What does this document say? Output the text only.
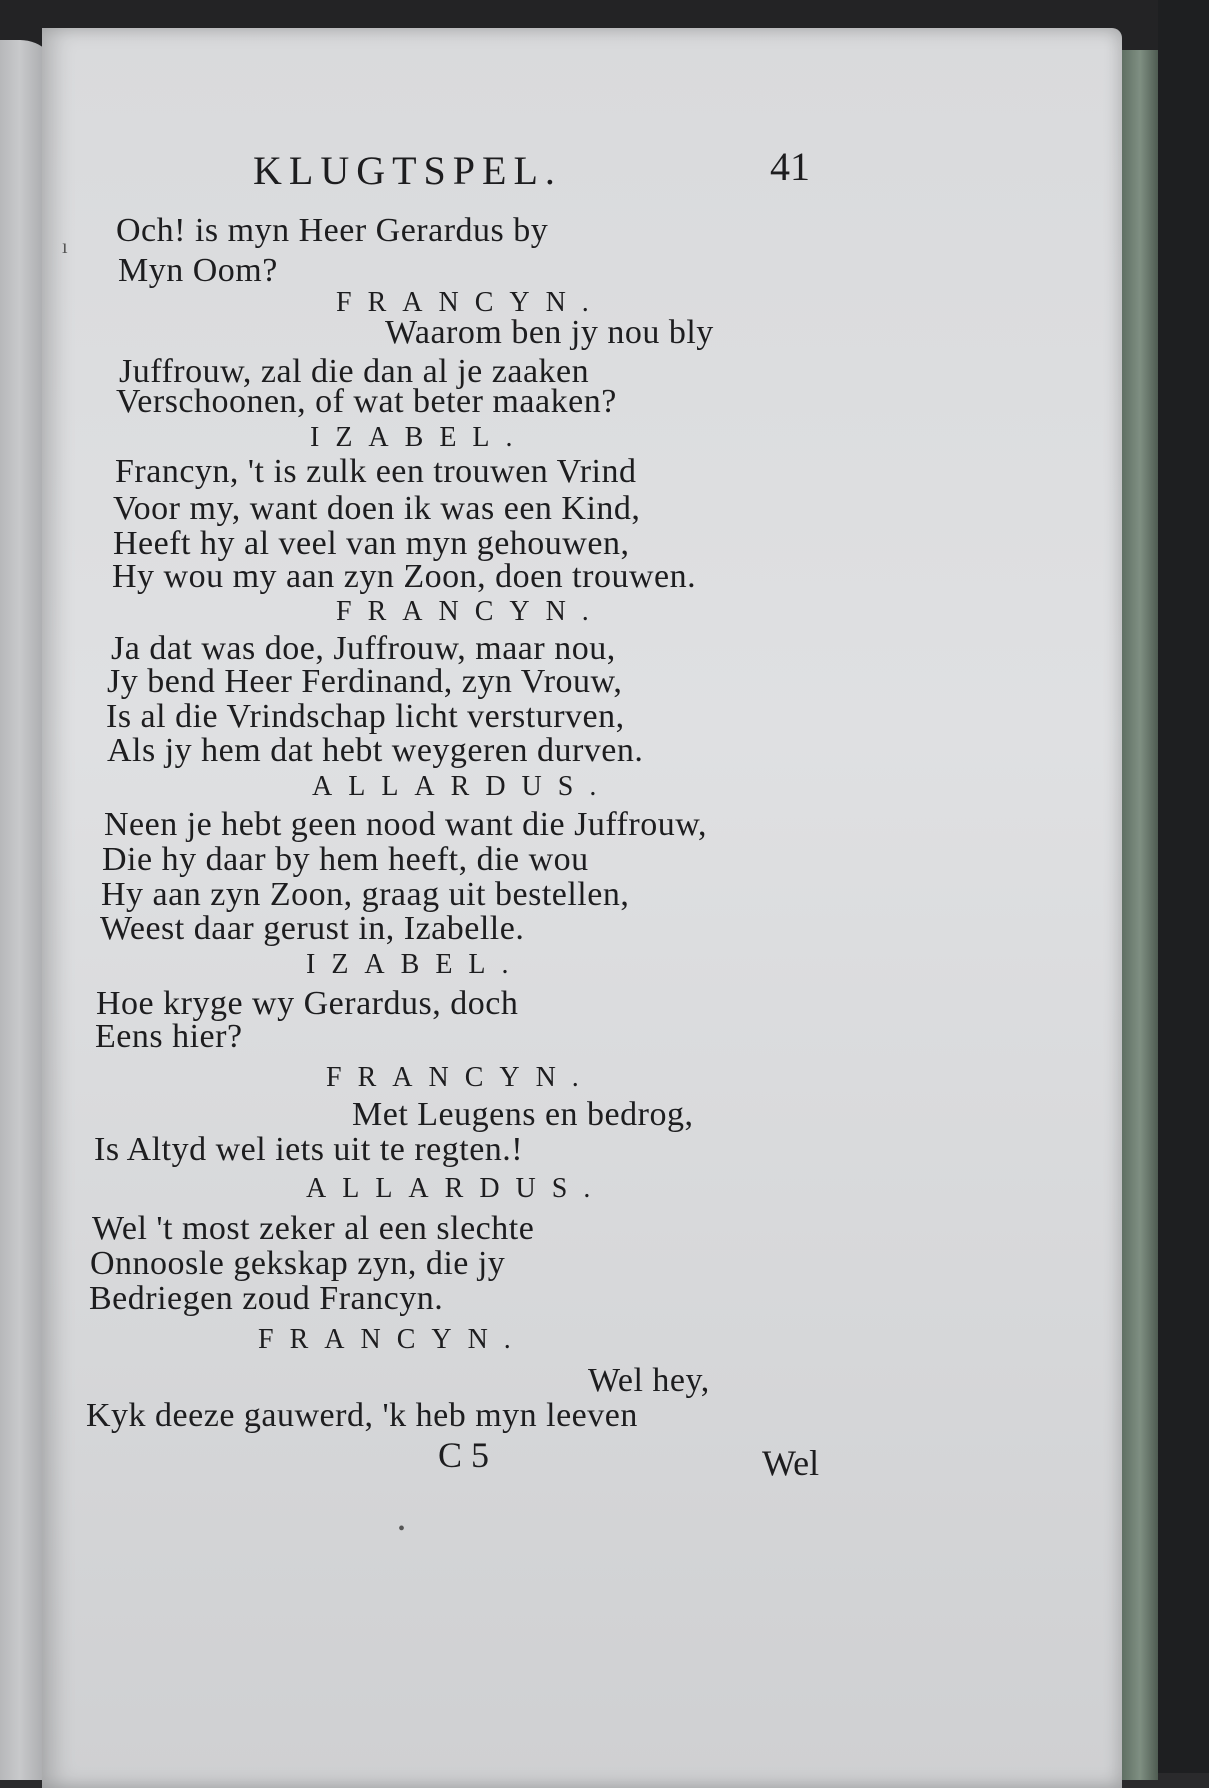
KLUGTSPEL.	41
Och! is myn Heer Gerardus by
Myn Oom?
FRANCYN.
Waarom ben jy nou bly
Juffrouw, zal die dan al je zaaken
Verschoonen, of wat beter maaken?
IZABEL.
Francyn, 't is zulk een trouwen Vrind
Voor my, want doen ik was een Kind,
Heeft hy al veel van myn gehouwen,
Hy wou my aan zyn Zoon, doen trouwen.
FRANCYN.
Ja dat was doe, Juffrouw, maar nou,
Jy bend Heer Ferdinand, zyn Vrouw,
Is al die Vrindschap licht versturven,
Als jy hem dat hebt weygeren durven.
ALLARDUS.
Neen je hebt geen nood want die Juffrouw,
Die hy daar by hem heeft, die wou
Hy aan zyn Zoon, graag uit bestellen,
Weest daar gerust in, Izabelle.
IZABEL.
Hoe kryge wy Gerardus, doch
Eens hier?
FRANCYN.
Met Leugens en bedrog,
Is Altyd wel iets uit te regten.!
ALLARDUS.
Wel 't most zeker al een slechte
Onnoosle gekskap zyn, die jy
Bedriegen zoud Francyn.
FRANCYN.
Wel hey,
Kyk deeze gauwerd, 'k heb myn leeven
C 5	Wel
ı
•
